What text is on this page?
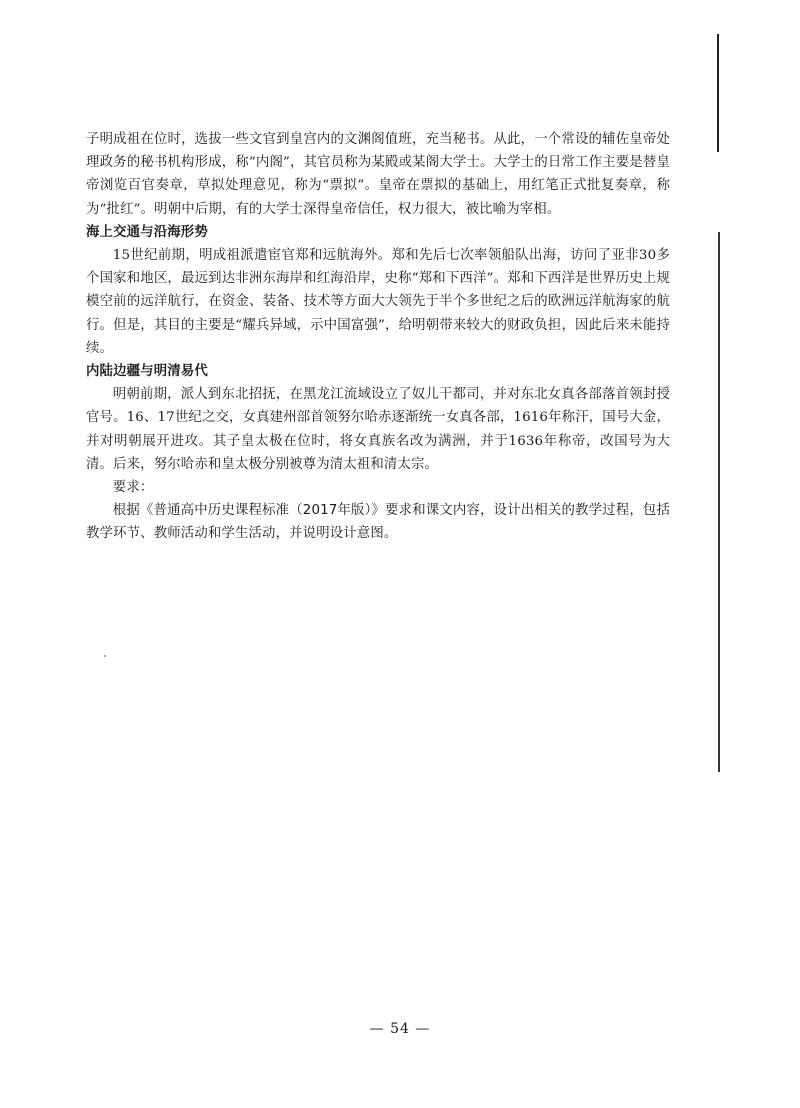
子明成祖在位时，选拔一些文官到皇宫内的文渊阁值班，充当秘书。从此，一个常设的辅佐皇帝处理政务的秘书机构形成，称“内阁”，其官员称为某殿或某阁大学士。大学士的日常工作主要是替皇帝浏览百官奏章，草拟处理意见，称为“票拟”。皇帝在票拟的基础上，用红笔正式批复奏章，称为“批红”。明朝中后期，有的大学士深得皇帝信任，权力很大，被比喻为宰相。

海上交通与沿海形势

15世纪前期，明成祖派遣宦官郑和远航海外。郑和先后七次率领船队出海，访问了亚非30多个国家和地区，最远到达非洲东海岸和红海沿岸，史称“郑和下西洋”。郑和下西洋是世界历史上规模空前的远洋航行，在资金、装备、技术等方面大大领先于半个多世纪之后的欧洲远洋航海家的航行。但是，其目的主要是“耀兵异域，示中国富强”，给明朝带来较大的财政负担，因此后来未能持续。

内陆边疆与明清易代

明朝前期，派人到东北招抚，在黑龙江流域设立了奴儿干都司，并对东北女真各部落首领封授官号。16、17世纪之交，女真建州部首领努尔哈赤逐渐统一女真各部，1616年称汗，国号大金，并对明朝展开进攻。其子皇太极在位时，将女真族名改为满洲，并于1636年称帝，改国号为大清。后来，努尔哈赤和皇太极分别被尊为清太祖和清太宗。

要求：

根据《普通高中历史课程标准（2017年版）》要求和课文内容，设计出相关的教学过程，包括教学环节、教师活动和学生活动，并说明设计意图。

— 54 —
